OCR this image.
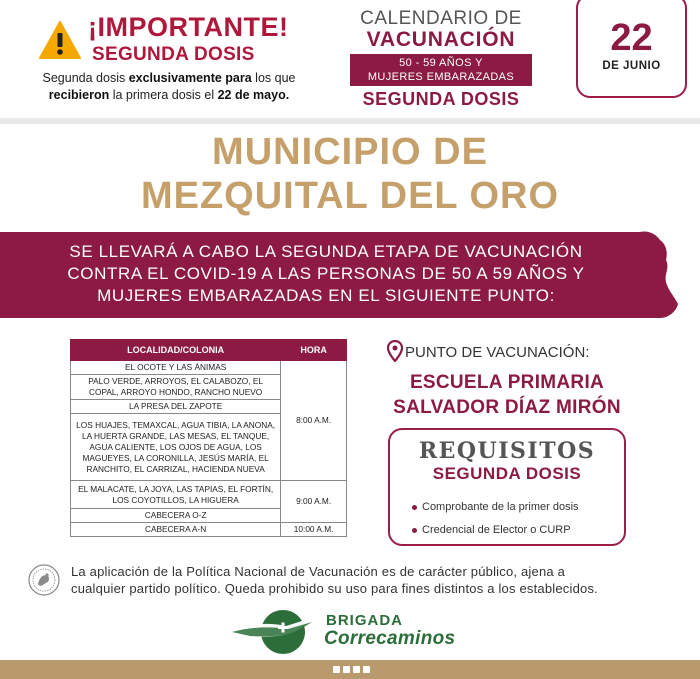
¡IMPORTANTE!
SEGUNDA DOSIS
Segunda dosis exclusivamente para los que
recibieron la primera dosis el 22 de mayo.
CALENDARIO DE
VACUNACIÓN
50 - 59 AÑOS Y
MUJERES EMBARAZADAS
SEGUNDA DOSIS
22
DE JUNIO
MUNICIPIO DE
MEZQUITAL DEL ORO
SE LLEVARÁ A CABO LA SEGUNDA ETAPA DE VACUNACIÓN
CONTRA EL COVID-19 A LAS PERSONAS DE 50 A 59 AÑOS Y
MUJERES EMBARAZADAS EN EL SIGUIENTE PUNTO:
LOCALIDAD/COLONIA	HORA
EL OCOTE Y LAS ÁNIMAS	8:00 A.M.
PALO VERDE, ARROYOS, EL CALABOZO, EL COPAL, ARROYO HONDO, RANCHO NUEVO	
LA PRESA DEL ZAPOTE	
LOS HUAJES, TEMAXCAL, AGUA TIBIA, LA ANONA, LA HUERTA GRANDE, LAS MESAS, EL TANQUE, AGUA CALIENTE, LOS OJOS DE AGUA, LOS MAGUEYES, LA CORONILLA, JESÚS MARÍA, EL RANCHITO, EL CARRIZAL, HACIENDA NUEVA	
EL MALACATE, LA JOYA, LAS TAPIAS, EL FORTÍN, LOS COYOTILLOS, LA HIGUERA	9:00 A.M.
CABECERA O-Z	
CABECERA A-N	10:00 A.M.
PUNTO DE VACUNACIÓN:
ESCUELA PRIMARIA
SALVADOR DÍAZ MIRÓN
REQUISITOS
SEGUNDA DOSIS
Comprobante de la primer dosis
Credencial de Elector o CURP
La aplicación de la Política Nacional de Vacunación es de carácter público, ajena a
cualquier partido político. Queda prohibido su uso para fines distintos a los establecidos.
BRIGADA
Correcaminos
